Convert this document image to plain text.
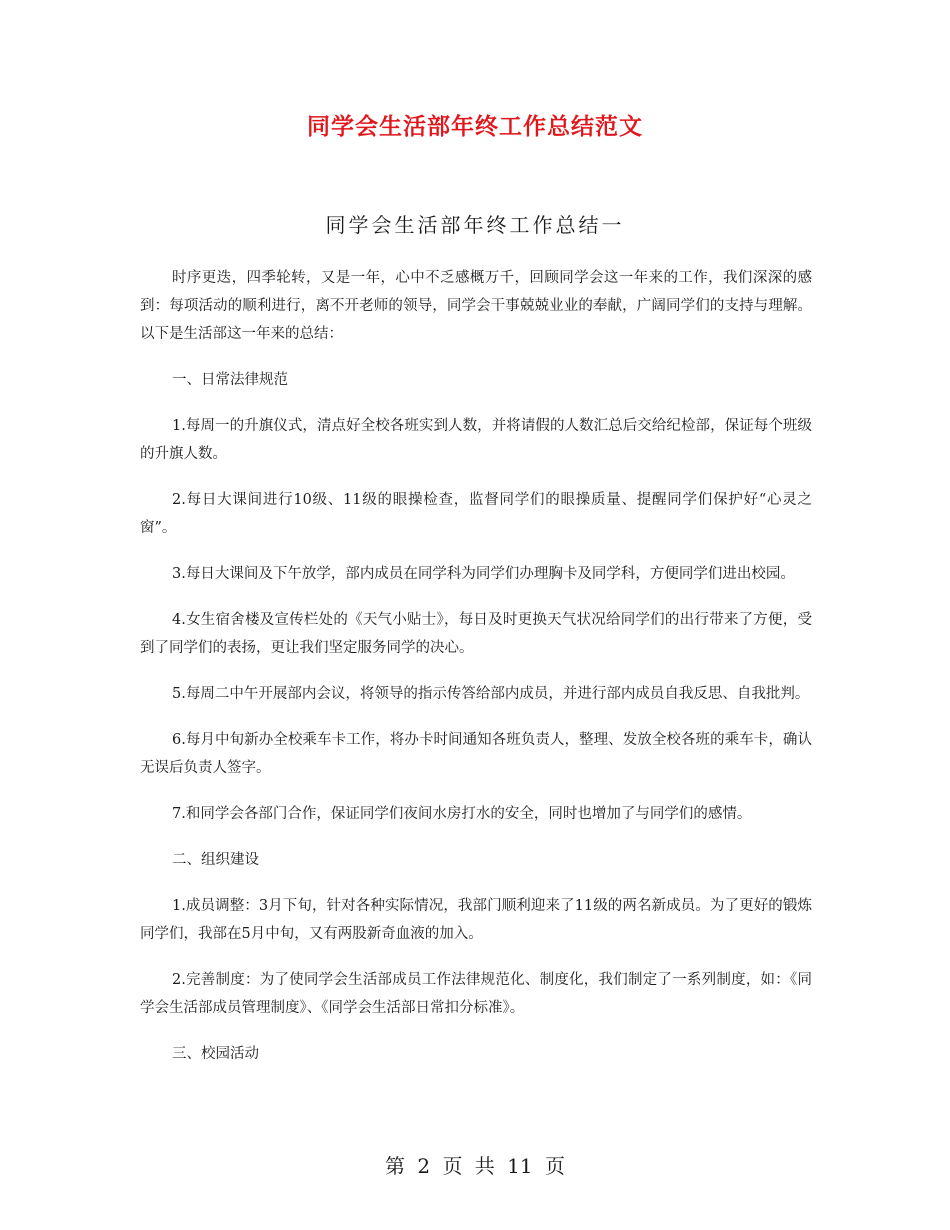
同学会生活部年终工作总结范文
同学会生活部年终工作总结一

时序更迭，四季轮转，又是一年，心中不乏感概万千，回顾同学会这一年来的工作，我们深深的感到：每项活动的顺利进行，离不开老师的领导，同学会干事兢兢业业的奉献，广阔同学们的支持与理解。以下是生活部这一年来的总结：

一、日常法律规范

1.每周一的升旗仪式，清点好全校各班实到人数，并将请假的人数汇总后交给纪检部，保证每个班级的升旗人数。

2.每日大课间进行10级、11级的眼操检查，监督同学们的眼操质量、提醒同学们保护好“心灵之窗”。

3.每日大课间及下午放学，部内成员在同学科为同学们办理胸卡及同学科，方便同学们进出校园。

4.女生宿舍楼及宣传栏处的《天气小贴士》，每日及时更换天气状况给同学们的出行带来了方便，受到了同学们的表扬，更让我们坚定服务同学的决心。

5.每周二中午开展部内会议，将领导的指示传答给部内成员，并进行部内成员自我反思、自我批判。

6.每月中旬新办全校乘车卡工作，将办卡时间通知各班负责人，整理、发放全校各班的乘车卡，确认无误后负责人签字。

7.和同学会各部门合作，保证同学们夜间水房打水的安全，同时也增加了与同学们的感情。

二、组织建设

1.成员调整：3月下旬，针对各种实际情况，我部门顺利迎来了11级的两名新成员。为了更好的锻炼同学们，我部在5月中旬，又有两股新奇血液的加入。

2.完善制度：为了使同学会生活部成员工作法律规范化、制度化，我们制定了一系列制度，如：《同学会生活部成员管理制度》、《同学会生活部日常扣分标准》。

三、校园活动

第 2 页 共 11 页
